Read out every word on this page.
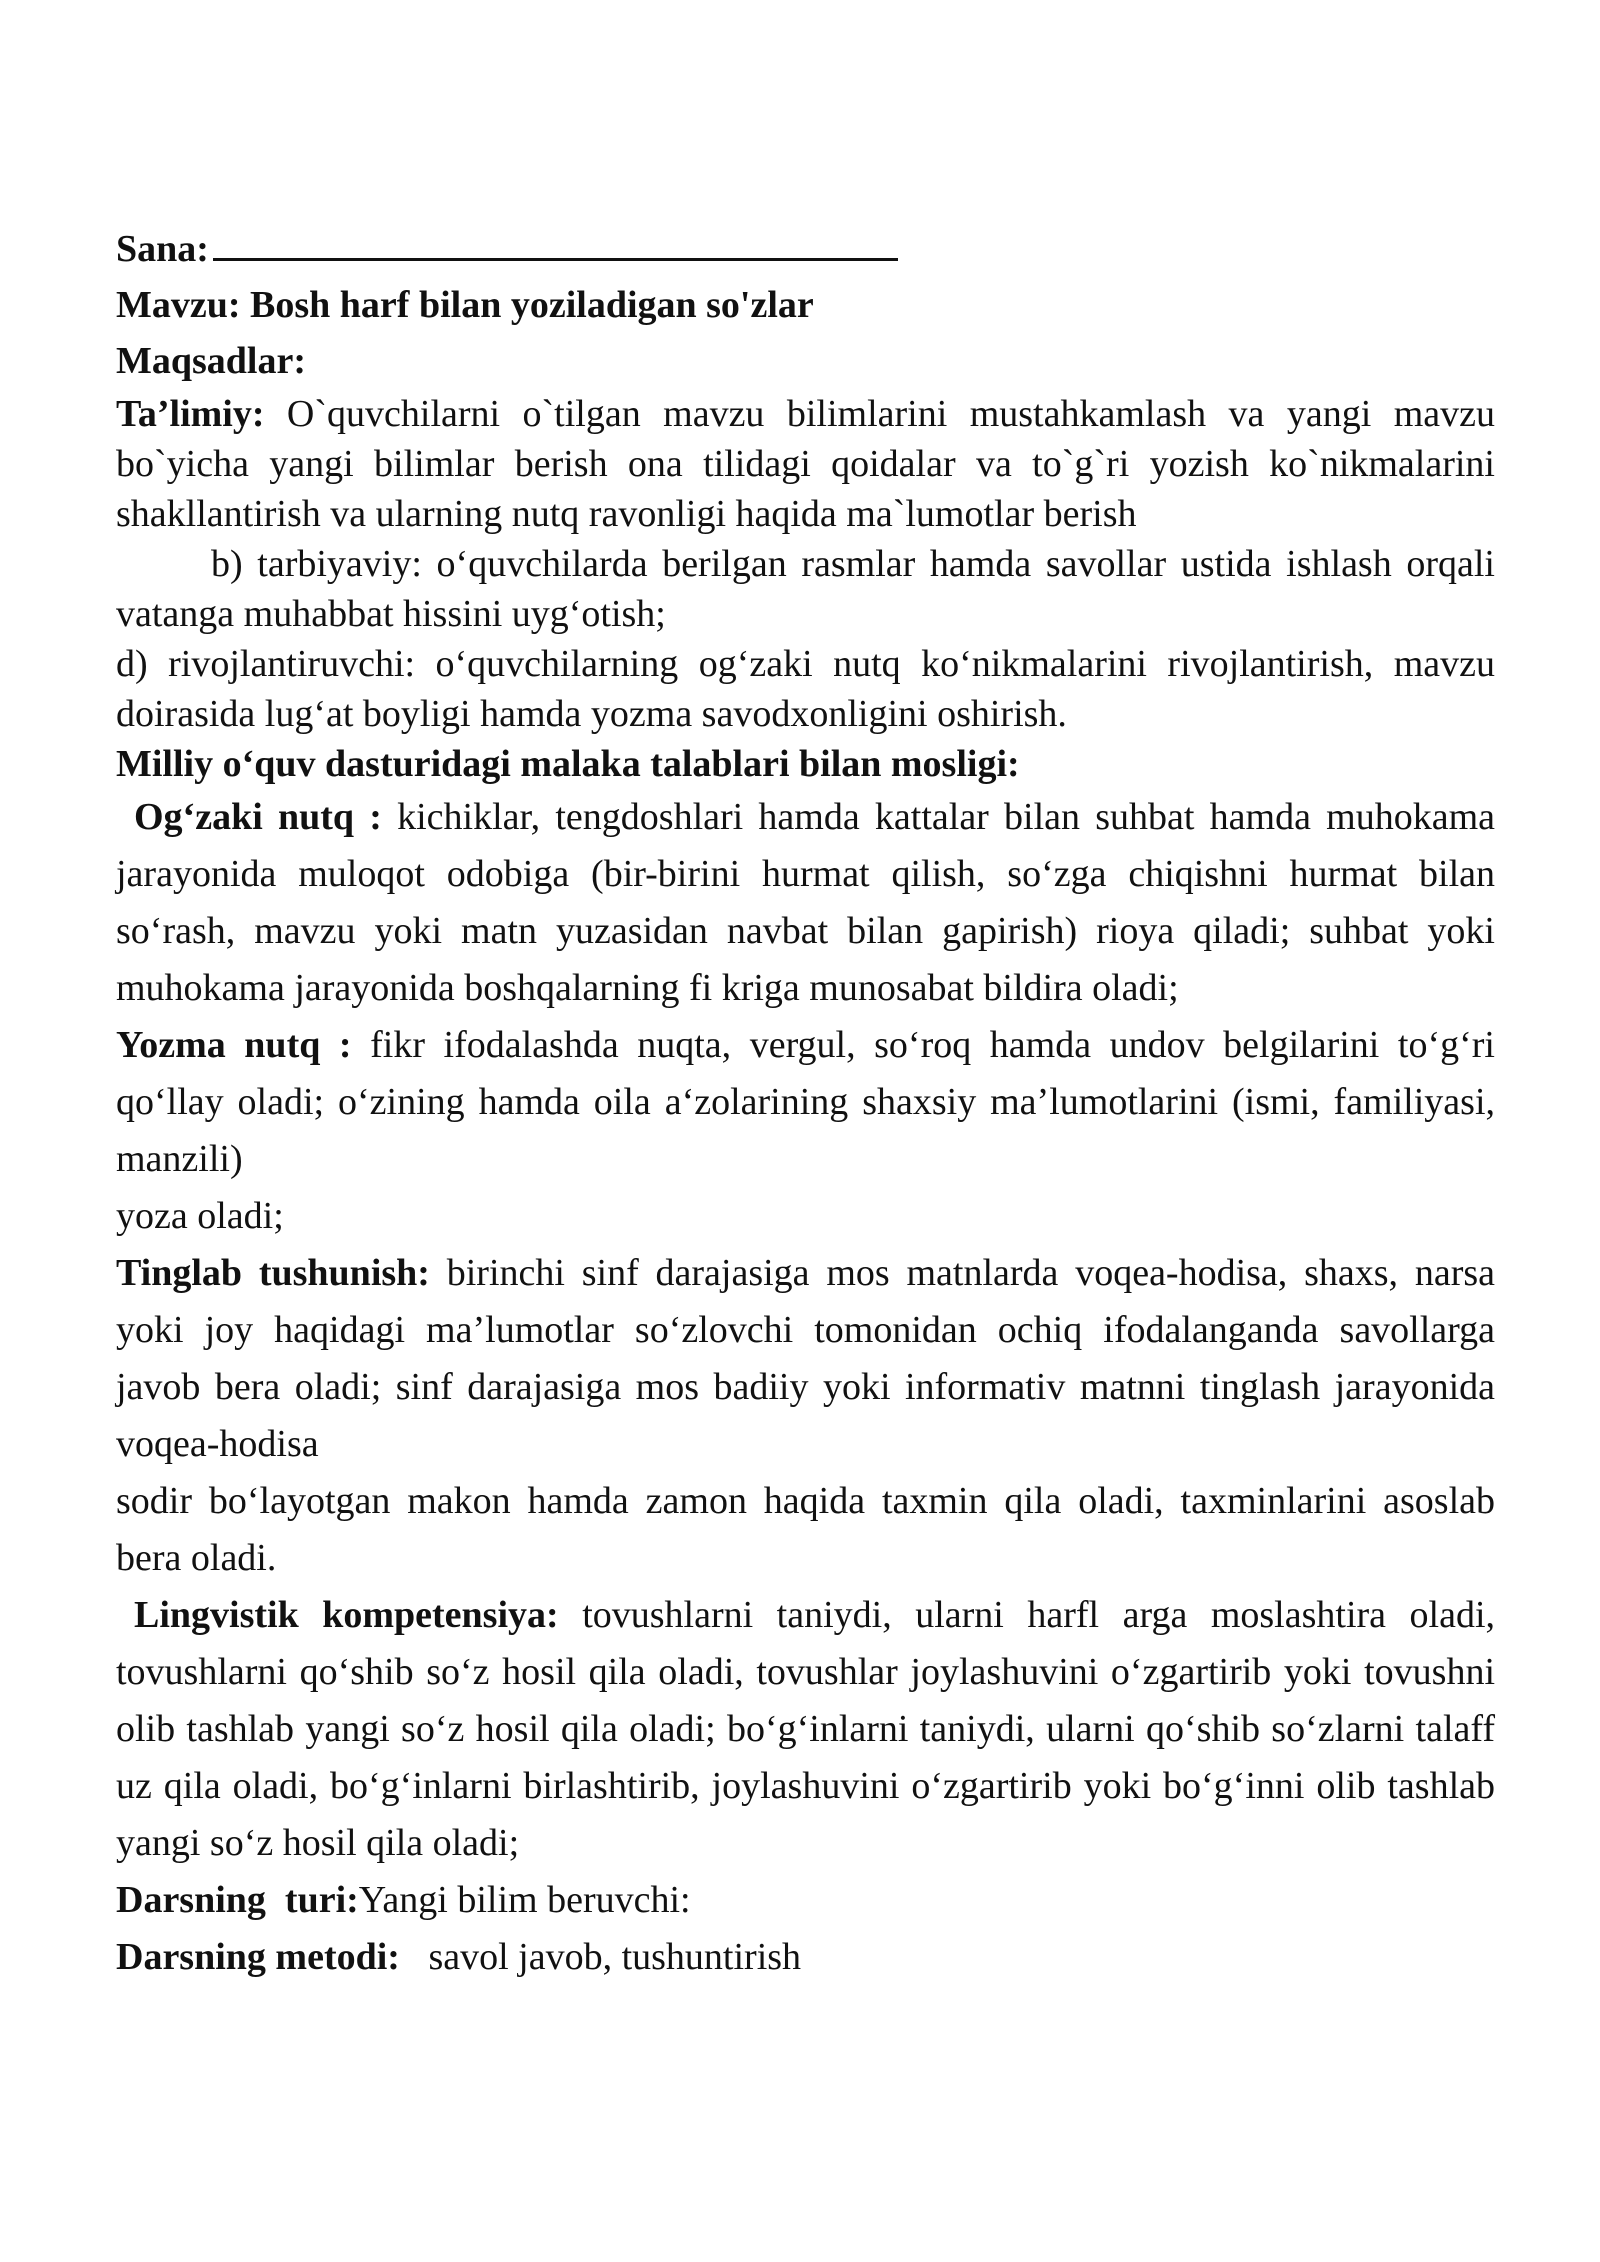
Sana:

Mavzu: Bosh harf bilan yoziladigan so'zlar

Maqsadlar:

Ta’limiy: O`quvchilarni o`tilgan mavzu bilimlarini mustahkamlash va yangi mavzu bo`yicha yangi bilimlar berish ona tilidagi qoidalar va to`g`ri yozish ko`nikmalarini shakllantirish va ularning nutq ravonligi haqida ma`lumotlar berish

b) tarbiyaviy: o‘quvchilarda berilgan rasmlar hamda savollar ustida ishlash orqali vatanga muhabbat hissini uyg‘otish;

d) rivojlantiruvchi: o‘quvchilarning og‘zaki nutq ko‘nikmalarini rivojlantirish, mavzu doirasida lug‘at boyligi hamda yozma savodxonligini oshirish.

Milliy o‘quv dasturidagi malaka talablari bilan mosligi:

Og‘zaki nutq : kichiklar, tengdoshlari hamda kattalar bilan suhbat hamda muhokama jarayonida muloqot odobiga (bir-birini hurmat qilish, so‘zga chiqishni hurmat bilan so‘rash, mavzu yoki matn yuzasidan navbat bilan gapirish) rioya qiladi; suhbat yoki muhokama jarayonida boshqalarning fi kriga munosabat bildira oladi;

Yozma nutq : fikr ifodalashda nuqta, vergul, so‘roq hamda undov belgilarini to‘g‘ri qo‘llay oladi; o‘zining hamda oila a‘zolarining shaxsiy ma’lumotlarini (ismi, familiyasi, manzili)

yoza oladi;

Tinglab tushunish: birinchi sinf darajasiga mos matnlarda voqea-hodisa, shaxs, narsa yoki joy haqidagi ma’lumotlar so‘zlovchi tomonidan ochiq ifodalanganda savollarga javob bera oladi; sinf darajasiga mos badiiy yoki informativ matnni tinglash jarayonida voqea-hodisa

sodir bo‘layotgan makon hamda zamon haqida taxmin qila oladi, taxminlarini asoslab bera oladi.

Lingvistik kompetensiya: tovushlarni taniydi, ularni harfl arga moslashtira oladi, tovushlarni qo‘shib so‘z hosil qila oladi, tovushlar joylashuvini o‘zgartirib yoki tovushni olib tashlab yangi so‘z hosil qila oladi; bo‘g‘inlarni taniydi, ularni qo‘shib so‘zlarni talaff uz qila oladi, bo‘g‘inlarni birlashtirib, joylashuvini o‘zgartirib yoki bo‘g‘inni olib tashlab yangi so‘z hosil qila oladi;

Darsning  turi:Yangi bilim beruvchi:

Darsning metodi:   savol javob, tushuntirish
